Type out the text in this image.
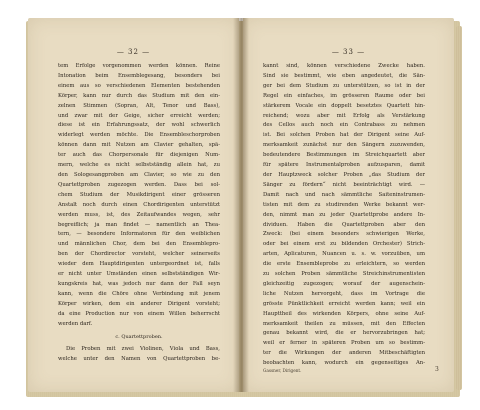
— 32 —
tem Erfolge vorgenommen werden können. Reine
Intonation beim Ensemblegesang, besonders bei
einem aus so verschiedenen Elementen bestehenden
Körper, kann nur durch das Studium mit den ein-
zelnen Stimmen (Sopran, Alt, Tenor und Bass),
und zwar mit der Geige, sicher erreicht werden;
diese ist ein Erfahrungssatz, der wohl schwerlich
widerlegt werden möchte. Die Ensembleschorproben
können dann mit Nutzen am Clavier gehalten, spä-
ter auch das Chorpersonale für diejenigen Num-
mern, welche es nicht selbstständig allein hat, zu
den Sologesangproben am Clavier, so wie zu den
Quartettproben zugezogen werden. Dass bei sol-
chem Studium der Musikdirigent einer grösseren
Anstalt noch durch einen Chordirigenten unterstützt
werden muss, ist, des Zeitaufwandes wegen, sehr
begreiflich; ja man findet — namentlich an Thea-
tern, — besondere Informatoren für den weiblichen
und männlichen Chor, dem bei den Ensemblepro-
ben der Chordirector vorsteht, welcher seinerseits
wieder dem Hauptdirigenten untergeordnet ist, falls
er nicht unter Umständen einen selbstständigen Wir-
kungskreis hat, was jedoch nur dann der Fall seyn
kann, wenn die Chöre ohne Verbindung mit jenem
Körper wirken, dem ein anderer Dirigent vorsteht;
da eine Production nur von einem Willen beherrscht
werden darf.
c. Quartettproben.
Die Proben mit zwei Violinen, Viola und Bass,
welche unter den Namen von Quartettproben be-
— 33 —
kannt sind, können verschiedene Zwecke haben.
Sind sie bestimmt, wie eben angedeutet, die Sän-
ger bei dem Studium zu unterstützen, so ist in der
Regel ein einfaches, im grösseren Raume oder bei
stärkerem Vocale ein doppelt besetztes Quartett hin-
reichend; wozu aber mit Erfolg als Verstärkung
des Cellos auch noch ein Contrabass zu nehmen
ist. Bei solchen Proben hat der Dirigent seine Auf-
merksamkeit zunächst nur den Sängern zuzuwenden,
bedeutendere Bestimmungen im Streichquartett aber
für spätere Instrumentalproben aufzusparen, damit
der Hauptzweck solcher Proben „das Studium der
Sänger zu fördern“ nicht beeinträchtigt wird. —
Damit nach und nach sämmtliche Saiteninstrumen-
tisten mit dem zu studirenden Werke bekannt wer-
den, nimmt man zu jeder Quartettprobe andere In-
dividuen. Haben die Quartettproben aber den
Zweck: (bei einem besonders schwierigen Werke,
oder bei einem erst zu bildenden Orchester) Strich-
arten, Aplicaturen, Nuancen u. s. w. vorzuüben, um
die erste Ensembleprobe zu erleichtern, so werden
zu solchen Proben sämmtliche Streichinstrumentisten
gleichzeitig zugezogen; worauf der augenschein-
liche Nutzen hervorgeht, dass im Vortrage die
grösste Pünktlichkeit erreicht werden kann; weil ein
Haupttheil des wirkenden Körpers, ohne seine Auf-
merksamkeit theilen zu müssen, mit den Effecten
genau bekannt wird, die er hervorzubringen hat;
weil er ferner in späteren Proben um so bestimm-
ter die Wirkungen der anderen Mitbeschäftigten
beobachten kann, wodurch ein gegenseitiges An-
Gassner, Dirigent.	3
